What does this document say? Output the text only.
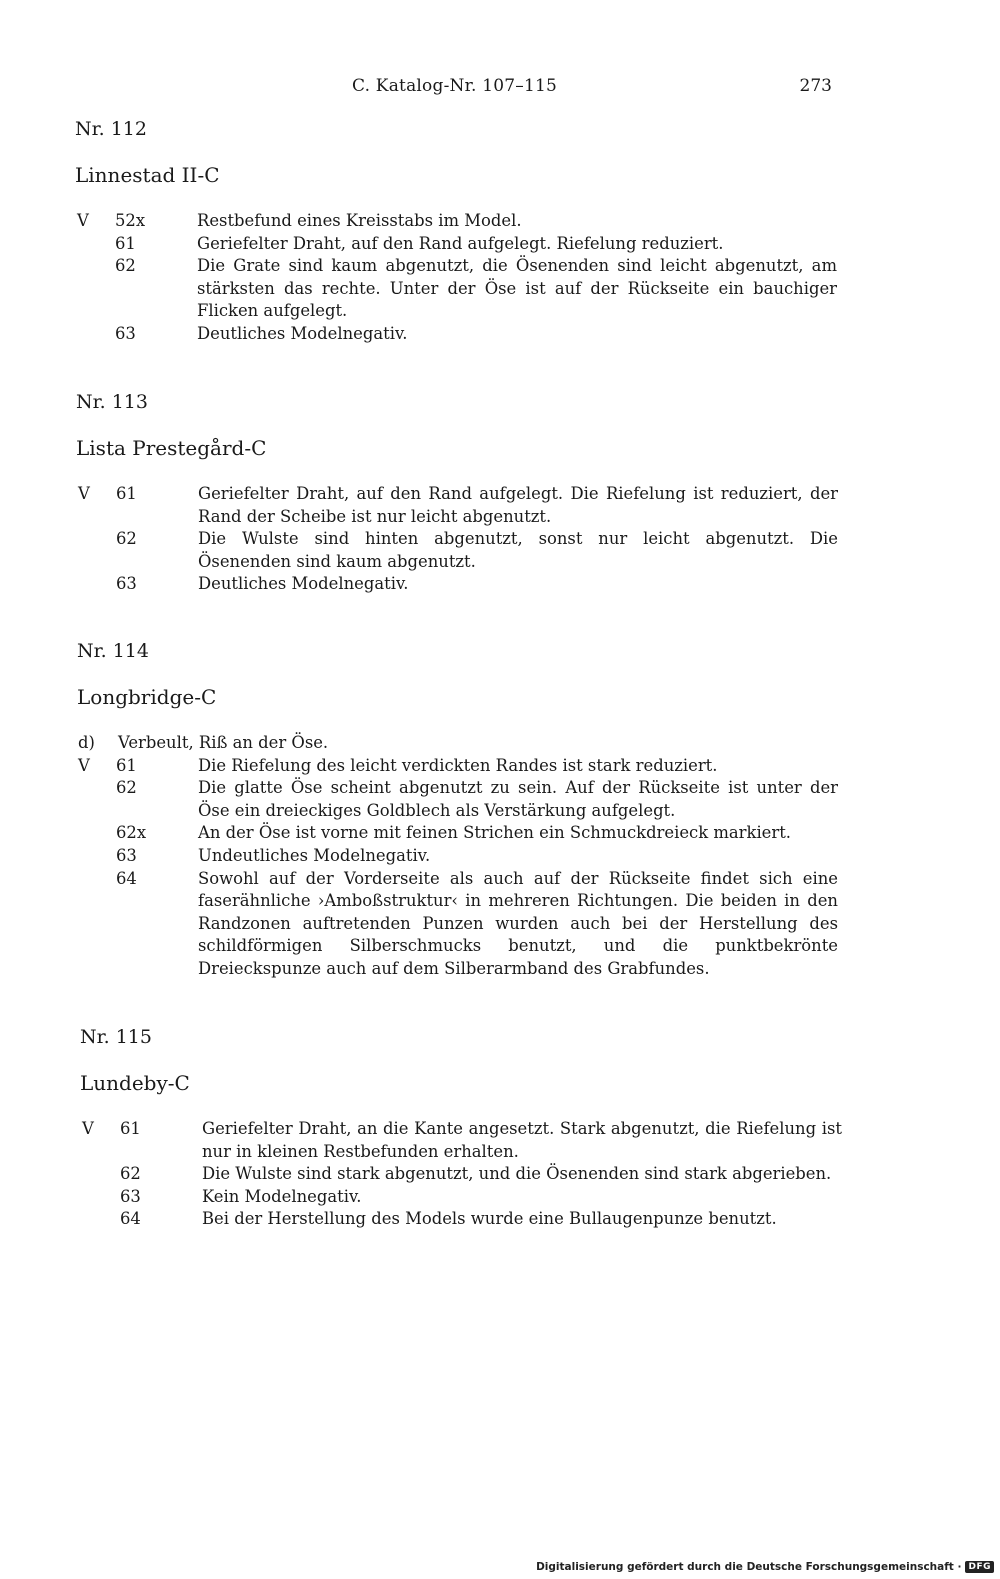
C. Katalog-Nr. 107–115	273
Nr. 112
Linnestad II-C
V 52x	Restbefund eines Kreisstabs im Model.
61	Geriefelter Draht, auf den Rand aufgelegt. Riefelung reduziert.
62	Die Grate sind kaum abgenutzt, die Ösenenden sind leicht abgenutzt, am stärksten das rechte. Unter der Öse ist auf der Rückseite ein bauchiger Flicken aufgelegt.
63	Deutliches Modelnegativ.
Nr. 113
Lista Prestegård-C
V 61	Geriefelter Draht, auf den Rand aufgelegt. Die Riefelung ist reduziert, der Rand der Scheibe ist nur leicht abgenutzt.
62	Die Wulste sind hinten abgenutzt, sonst nur leicht abgenutzt. Die Ösenenden sind kaum abgenutzt.
63	Deutliches Modelnegativ.
Nr. 114
Longbridge-C
d) Verbeult, Riß an der Öse.
V 61	Die Riefelung des leicht verdickten Randes ist stark reduziert.
62	Die glatte Öse scheint abgenutzt zu sein. Auf der Rückseite ist unter der Öse ein dreieckiges Goldblech als Verstärkung aufgelegt.
62x	An der Öse ist vorne mit feinen Strichen ein Schmuckdreieck markiert.
63	Undeutliches Modelnegativ.
64	Sowohl auf der Vorderseite als auch auf der Rückseite findet sich eine faserähnliche ›Amboßstruktur‹ in mehreren Richtungen. Die beiden in den Randzonen auftretenden Punzen wurden auch bei der Herstellung des schildförmigen Silberschmucks benutzt, und die punktbekrönte Dreieckspunze auch auf dem Silberarmband des Grabfundes.
Nr. 115
Lundeby-C
V 61	Geriefelter Draht, an die Kante angesetzt. Stark abgenutzt, die Riefelung ist nur in kleinen Restbefunden erhalten.
62	Die Wulste sind stark abgenutzt, und die Ösenenden sind stark abgerieben.
63	Kein Modelnegativ.
64	Bei der Herstellung des Models wurde eine Bullaugenpunze benutzt.
Digitalisierung gefördert durch die Deutsche Forschungsgemeinschaft · DFG
